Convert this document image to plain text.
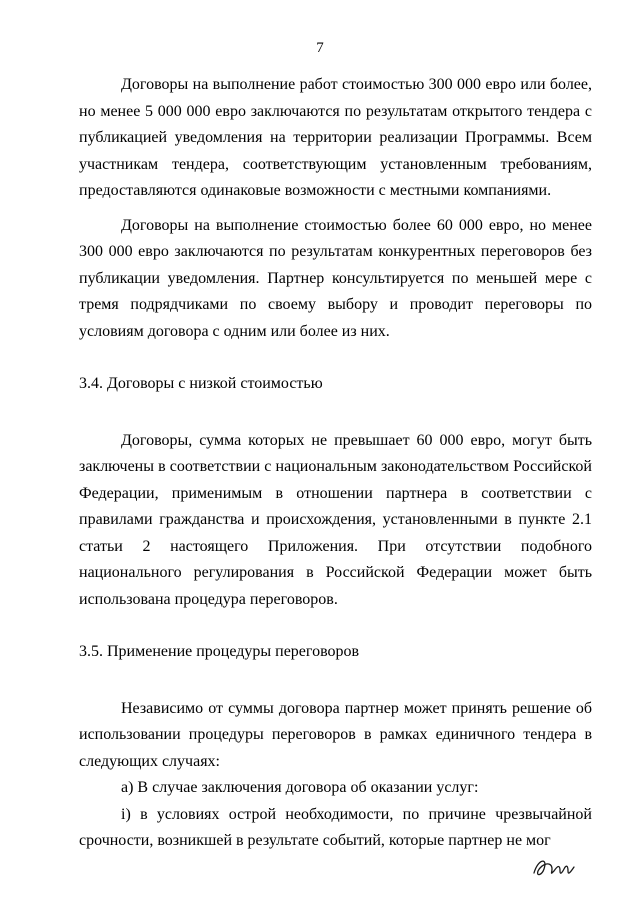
7

Договоры на выполнение работ стоимостью 300 000 евро или более, но менее 5 000 000 евро заключаются по результатам открытого тендера с публикацией уведомления на территории реализации Программы. Всем участникам тендера, соответствующим установленным требованиям, предоставляются одинаковые возможности с местными компаниями.

Договоры на выполнение стоимостью более 60 000 евро, но менее 300 000 евро заключаются по результатам конкурентных переговоров без публикации уведомления. Партнер консультируется по меньшей мере с тремя подрядчиками по своему выбору и проводит переговоры по условиям договора с одним или более из них.

3.4. Договоры с низкой стоимостью

Договоры, сумма которых не превышает 60 000 евро, могут быть заключены в соответствии с национальным законодательством Российской Федерации, применимым в отношении партнера в соответствии с правилами гражданства и происхождения, установленными в пункте 2.1 статьи 2 настоящего Приложения. При отсутствии подобного национального регулирования в Российской Федерации может быть использована процедура переговоров.

3.5. Применение процедуры переговоров

Независимо от суммы договора партнер может принять решение об использовании процедуры переговоров в рамках единичного тендера в следующих случаях:

а) В случае заключения договора об оказании услуг:

i) в условиях острой необходимости, по причине чрезвычайной срочности, возникшей в результате событий, которые партнер не мог
